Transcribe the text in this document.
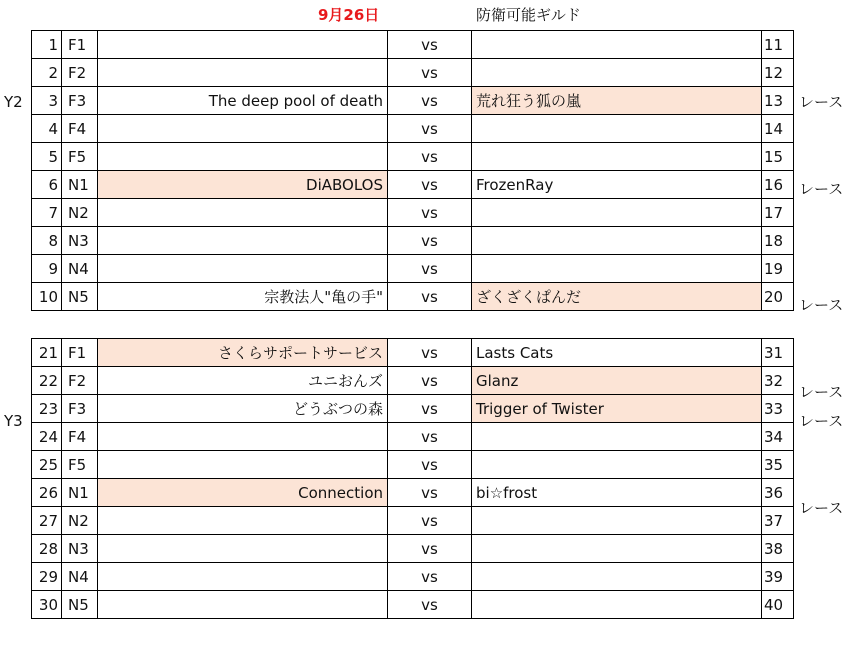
9月26日	防衛可能ギルド
1	F1		vs		11
2	F2		vs		12
3	F3	The deep pool of death	vs	荒れ狂う狐の嵐	13
4	F4		vs		14
5	F5		vs		15
6	N1	DiABOLOS	vs	FrozenRay	16
7	N2		vs		17
8	N3		vs		18
9	N4		vs		19
10	N5	宗教法人"亀の手"	vs	ざくざくぱんだ	20

21	F1	さくらサポートサービス	vs	Lasts Cats	31
22	F2	ユニおんズ	vs	Glanz	32
23	F3	どうぶつの森	vs	Trigger of Twister	33
24	F4		vs		34
25	F5		vs		35
26	N1	Connection	vs	bi☆frost	36
27	N2		vs		37
28	N3		vs		38
29	N4		vs		39
30	N5		vs		40
Y2	レース
レース
レース
レース
Y3	レース
レース
